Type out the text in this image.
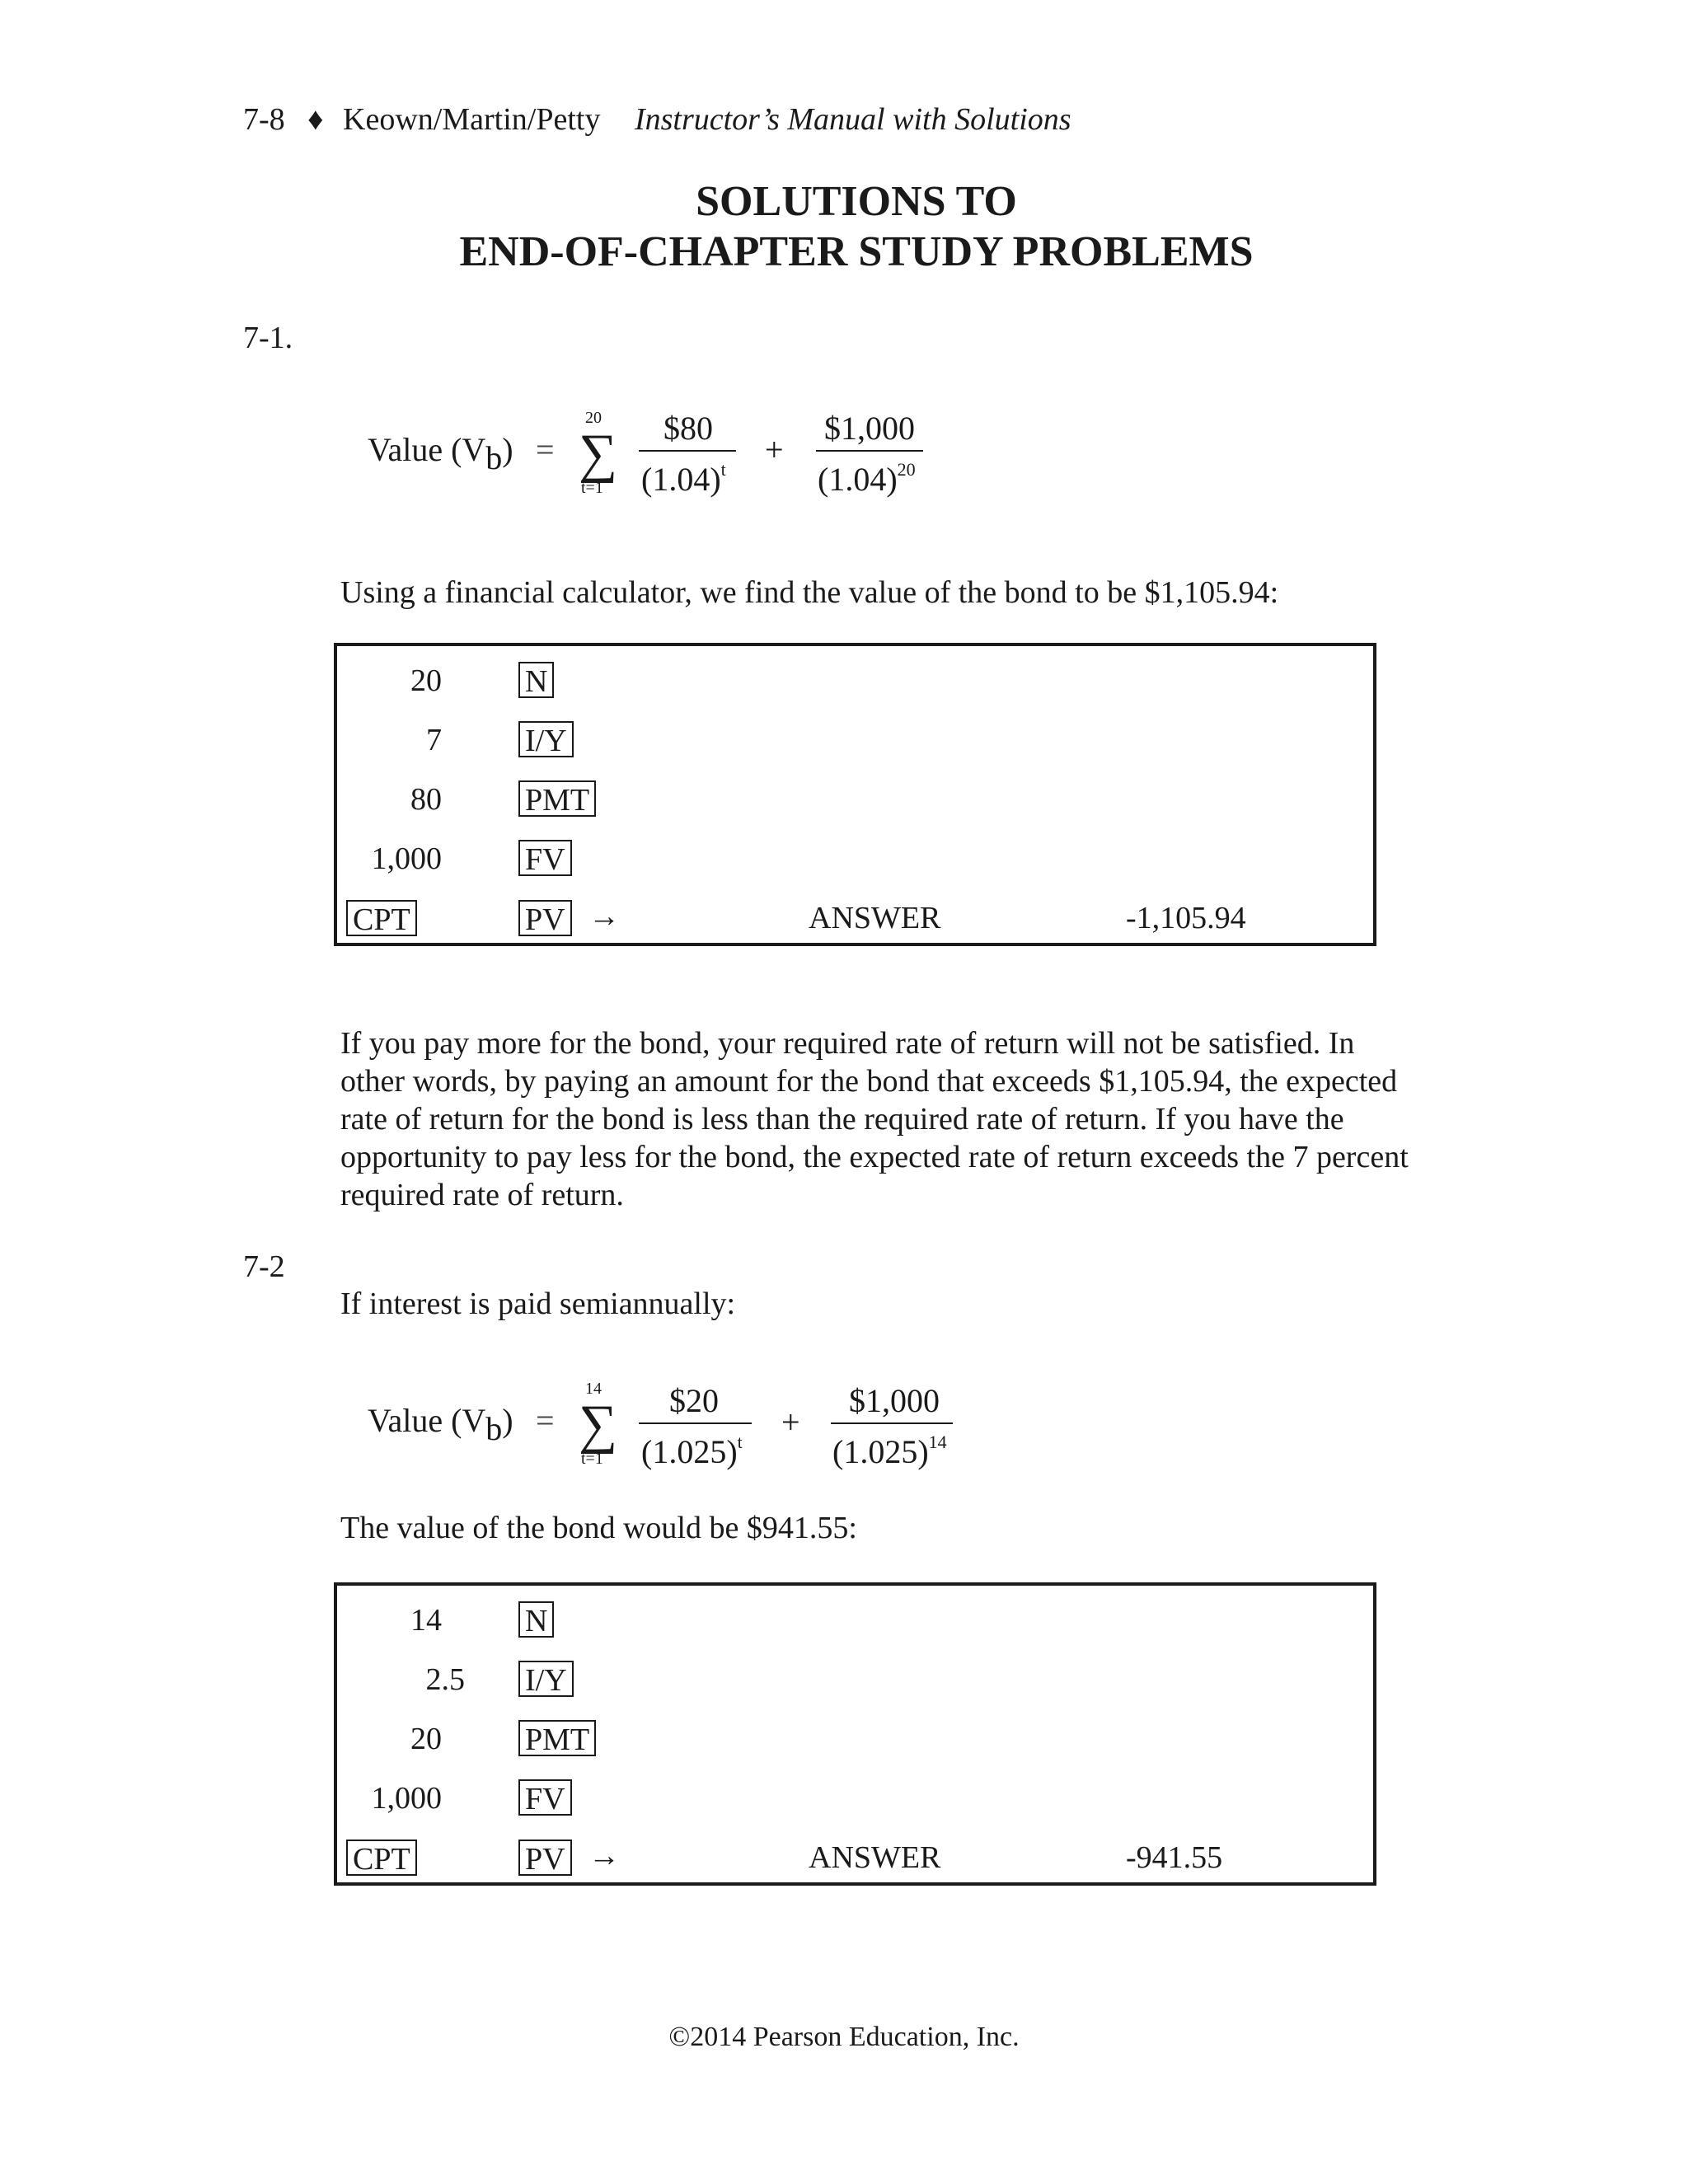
7-8 ♦ Keown/Martin/Petty Instructor’s Manual with Solutions
SOLUTIONS TO
END-OF-CHAPTER STUDY PROBLEMS
7-1.
Value (Vb) =
20
∑
t=1
$80
$(1.04)^t$
+
$1,000
$(1.04)^{20}$
Using a financial calculator, we find the value of the bond to be $1,105.94:
20	N
7	I/Y
80	PMT
1,000	FV
CPT	PV →	ANSWER	-1,105.94
If you pay more for the bond, your required rate of return will not be satisfied. In
other words, by paying an amount for the bond that exceeds $1,105.94, the expected
rate of return for the bond is less than the required rate of return. If you have the
opportunity to pay less for the bond, the expected rate of return exceeds the 7 percent
required rate of return.
7-2
If interest is paid semiannually:
Value (Vb) =
14
∑
t=1
$20
$(1.025)^t$
+
$1,000
$(1.025)^{14}$
The value of the bond would be $941.55:
14	N
2.5 I/Y
20	PMT
1,000	FV
CPT	PV →	ANSWER	-941.55
©2014 Pearson Education, Inc.
